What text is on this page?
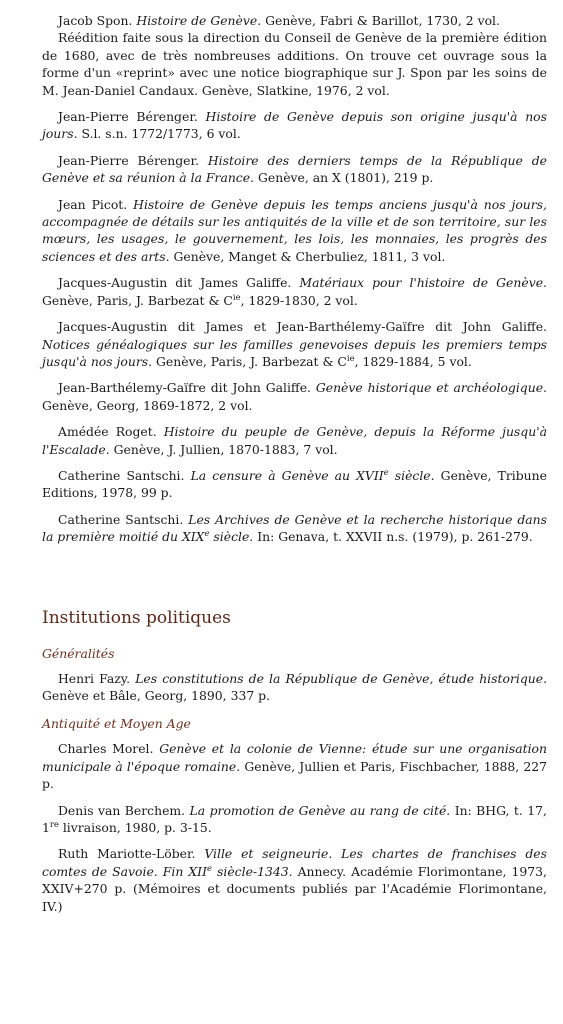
Jacob Spon. Histoire de Genève. Genève, Fabri & Barillot, 1730, 2 vol.
Réédition faite sous la direction du Conseil de Genève de la première édition de 1680, avec de très nombreuses additions. On trouve cet ouvrage sous la forme d'un «reprint» avec une notice biographique sur J. Spon par les soins de M. Jean-Daniel Candaux. Genève, Slatkine, 1976, 2 vol.
Jean-Pierre Bérenger. Histoire de Genève depuis son origine jusqu'à nos jours. S.l. s.n. 1772/1773, 6 vol.
Jean-Pierre Bérenger. Histoire des derniers temps de la République de Genève et sa réunion à la France. Genève, an X (1801), 219 p.
Jean Picot. Histoire de Genève depuis les temps anciens jusqu'à nos jours, accompagnée de détails sur les antiquités de la ville et de son territoire, sur les mœurs, les usages, le gouvernement, les lois, les monnaies, les progrès des sciences et des arts. Genève, Manget & Cherbuliez, 1811, 3 vol.
Jacques-Augustin dit James Galiffe. Matériaux pour l'histoire de Genève. Genève, Paris, J. Barbezat & $C^{ie}$, 1829-1830, 2 vol.
Jacques-Augustin dit James et Jean-Barthélemy-Gaïfre dit John Galiffe. Notices généalogiques sur les familles genevoises depuis les premiers temps jusqu'à nos jours. Genève, Paris, J. Barbezat & $C^{ie}$, 1829-1884, 5 vol.
Jean-Barthélemy-Gaïfre dit John Galiffe. Genève historique et archéologique. Genève, Georg, 1869-1872, 2 vol.
Amédée Roget. Histoire du peuple de Genève, depuis la Réforme jusqu'à l'Escalade. Genève, J. Jullien, 1870-1883, 7 vol.
Catherine Santschi. La censure à Genève au XVIIe siècle. Genève, Tribune Editions, 1978, 99 p.
Catherine Santschi. Les Archives de Genève et la recherche historique dans la première moitié du XIXe siècle. In: Genava, t. XXVII n.s. (1979), p. 261-279.
Institutions politiques
Généralités
Henri Fazy. Les constitutions de la République de Genève, étude historique. Genève et Bâle, Georg, 1890, 337 p.
Antiquité et Moyen Age
Charles Morel. Genève et la colonie de Vienne: étude sur une organisation municipale à l'époque romaine. Genève, Jullien et Paris, Fischbacher, 1888, 227 p.
Denis van Berchem. La promotion de Genève au rang de cité. In: BHG, t. 17, 1re livraison, 1980, p. 3-15.
Ruth Mariotte-Löber. Ville et seigneurie. Les chartes de franchises des comtes de Savoie. Fin XIIe siècle-1343. Annecy. Académie Florimontane, 1973, XXIV+270 p. (Mémoires et documents publiés par l'Académie Florimontane, IV.)
